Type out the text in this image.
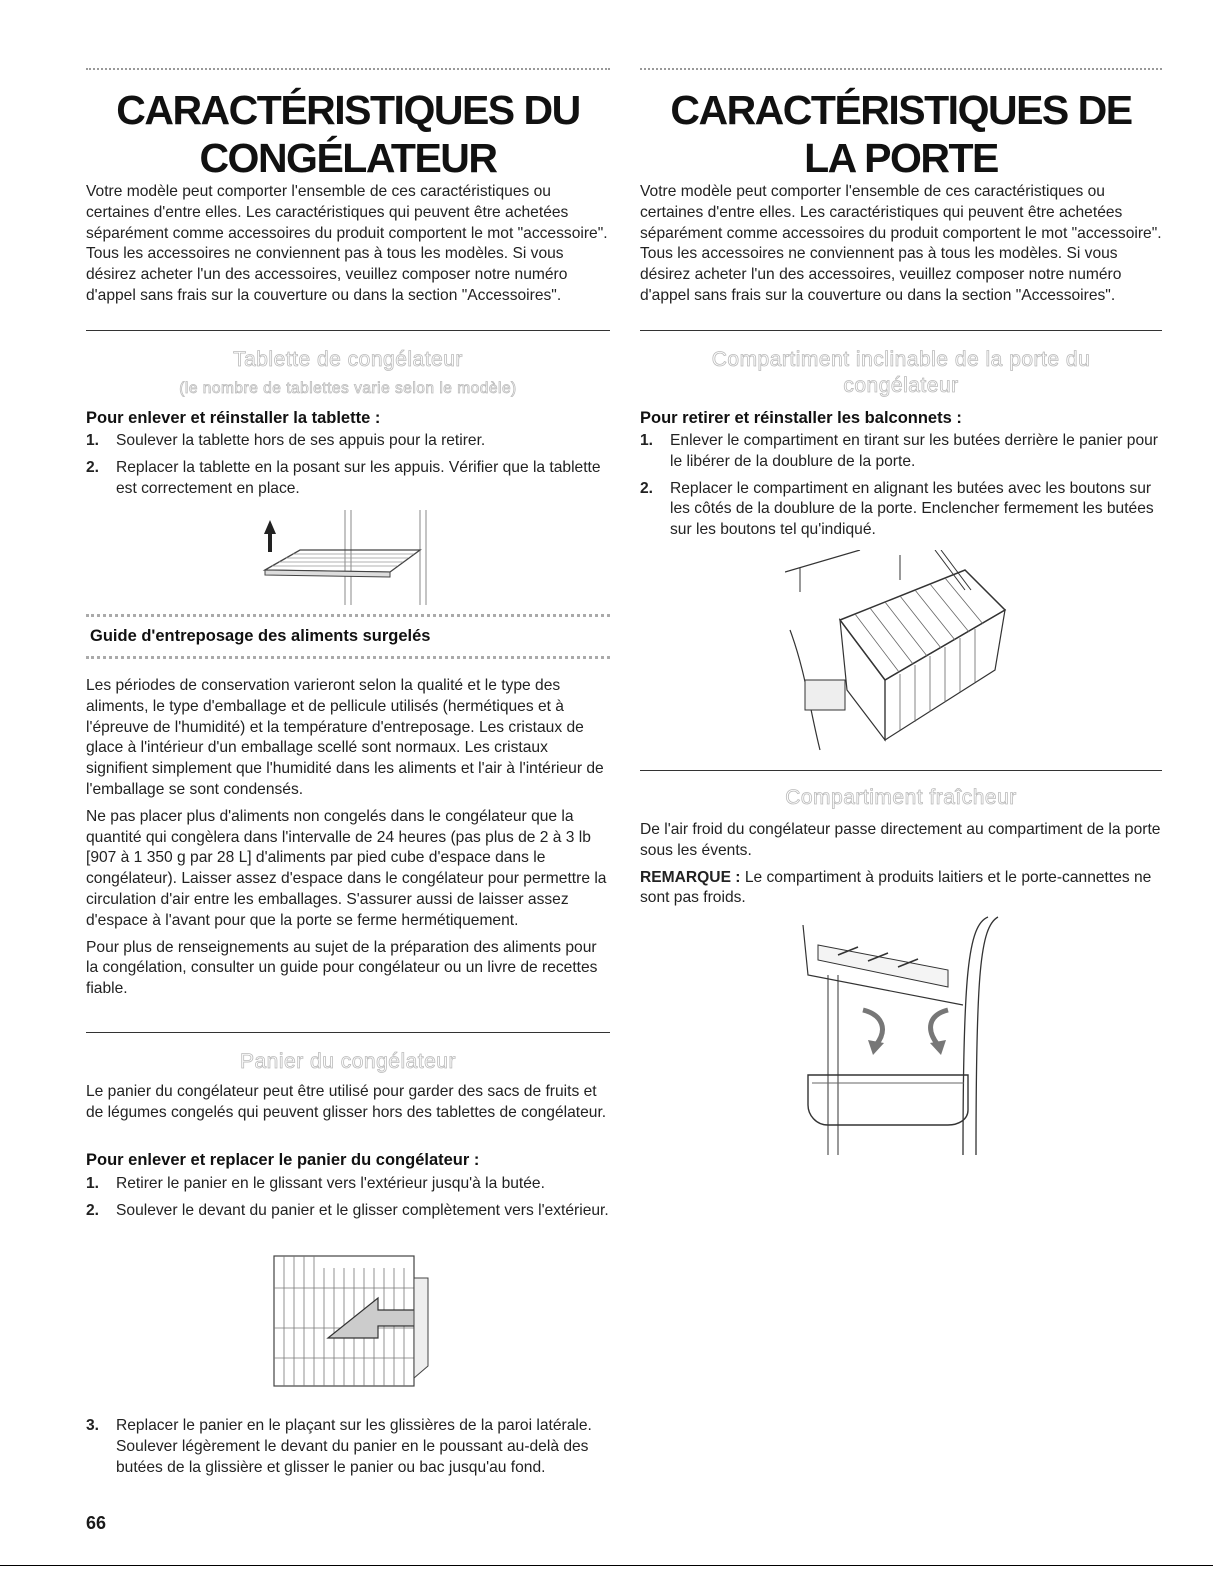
CARACTÉRISTIQUES DU CONGÉLATEUR
Votre modèle peut comporter l'ensemble de ces caractéristiques ou certaines d'entre elles. Les caractéristiques qui peuvent être achetées séparément comme accessoires du produit comportent le mot "accessoire". Tous les accessoires ne conviennent pas à tous les modèles. Si vous désirez acheter l'un des accessoires, veuillez composer notre numéro d'appel sans frais sur la couverture ou dans la section "Accessoires".
Tablette de congélateur
(le nombre de tablettes varie selon le modèle)
Pour enlever et réinstaller la tablette :
1. Soulever la tablette hors de ses appuis pour la retirer.
2. Replacer la tablette en la posant sur les appuis. Vérifier que la tablette est correctement en place.
Guide d'entreposage des aliments surgelés

Les périodes de conservation varieront selon la qualité et le type des aliments, le type d'emballage et de pellicule utilisés (hermétiques et à l'épreuve de l'humidité) et la température d'entreposage. Les cristaux de glace à l'intérieur d'un emballage scellé sont normaux. Les cristaux signifient simplement que l'humidité dans les aliments et l'air à l'intérieur de l'emballage se sont condensés.

Ne pas placer plus d'aliments non congelés dans le congélateur que la quantité qui congèlera dans l'intervalle de 24 heures (pas plus de 2 à 3 lb [907 à 1 350 g par 28 L] d'aliments par pied cube d'espace dans le congélateur). Laisser assez d'espace dans le congélateur pour permettre la circulation d'air entre les emballages. S'assurer aussi de laisser assez d'espace à l'avant pour que la porte se ferme hermétiquement.

Pour plus de renseignements au sujet de la préparation des aliments pour la congélation, consulter un guide pour congélateur ou un livre de recettes fiable.

Panier du congélateur
Le panier du congélateur peut être utilisé pour garder des sacs de fruits et de légumes congelés qui peuvent glisser hors des tablettes de congélateur.
Pour enlever et replacer le panier du congélateur :
1. Retirer le panier en le glissant vers l'extérieur jusqu'à la butée.
2. Soulever le devant du panier et le glisser complètement vers l'extérieur.
3. Replacer le panier en le plaçant sur les glissières de la paroi latérale. Soulever légèrement le devant du panier en le poussant au-delà des butées de la glissière et glisser le panier ou bac jusqu'au fond.
CARACTÉRISTIQUES DE LA PORTE
Votre modèle peut comporter l'ensemble de ces caractéristiques ou certaines d'entre elles. Les caractéristiques qui peuvent être achetées séparément comme accessoires du produit comportent le mot "accessoire". Tous les accessoires ne conviennent pas à tous les modèles. Si vous désirez acheter l'un des accessoires, veuillez composer notre numéro d'appel sans frais sur la couverture ou dans la section "Accessoires".
Compartiment inclinable de la porte du
congélateur
Pour retirer et réinstaller les balconnets :
1. Enlever le compartiment en tirant sur les butées derrière le panier pour le libérer de la doublure de la porte.
2. Replacer le compartiment en alignant les butées avec les boutons sur les côtés de la doublure de la porte. Enclencher fermement les butées sur les boutons tel qu'indiqué.
Compartiment fraîcheur

De l'air froid du congélateur passe directement au compartiment de la porte sous les évents.

REMARQUE : Le compartiment à produits laitiers et le porte-cannettes ne sont pas froids.

66
